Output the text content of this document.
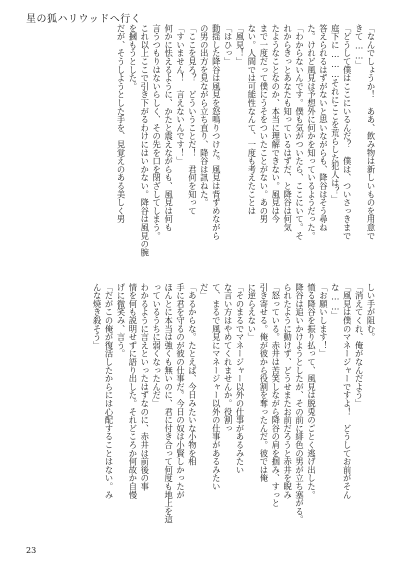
星の狐ハリウッドへ行く
「なんでしょうか！　ああ、飲み物は新しいものを用意で
きて……」
「どうして僕はここにいるんだ？　僕は、ついさっきまで
庭下に………それにここを荒らした犯人は？」
答えられるはずがないと思いながらも、降谷はそう尋ね
た。けれど風見は予想外に何かを知っているようだった。
「わからないんです。僕も気がついたら、ここにいて。そ
れからきっとあなたも知っているはずだ、と降谷は何気
たようなことなのか、本当に理解できない。風見は今
まで一度だって僕にうそをついたことがない。あの男
ない。人間では可能性なんて、一度も考えたことは
「風見！」
「はひっ」
動揺した降谷は風見を怒鳴りつけた。風見は背ずめながら
の男の出方を見ながら立ち直り、降谷は訊ねた。
「ここを見ろ？　どういうことだ！　君何を知って
「すいません！　言えないんです！」
何かに怯えるように、かたと震えながらも、風見は何も
言うつもりはないらしく、その先を口を閉ざしてしまう。
これ以上ここで引き下がるわけにはいかない。降谷は風見の腕
を摑もうとした。
だが、そうしようとした手を、見覚えのある美しく男
しい手が阻む。
「消えてくれ、俺がなんだよう」
「風見は僕のマネージャーですよ！　どうしてお前がそん
な……」
「お願いします！」
憤る降谷を振り払って、風見は脱兎のごとく逃げ出した。
降谷は追いかけようとしたが、その前に緋色の男が立ち塞がる。
られたように動けず、どうせまたお前だろうと赤井を睨み
「怒っている。赤井は苦笑しながら降谷の肩を掴み、すっと
引き寄せる。俺が彼から役割を奪ったんだ。彼では俺
に逆らえない」
「そのまるでマネージャー以外の仕事があるみたい
な言い方はやめてくれませんか。役割っ
て、まるで風見にマネージャー以外の仕事があるみたい
だ」
「あるからな。たとえば、今日みたいな小物を相
手に君を守るのが彼の仕事だ。今日の奴は小賢しかったが
ほんとに本当は強くも無いのに、君に付き合って何度も地上を這
っているうちに弱くなったんだ」
わかるように言えといったはずなのに、赤井は前後の事
情を何も説明せずに語り出した。それどころか何故か自慢
げに微笑み、言う。
「だがこの俺が復活したからには心配することはない。み
んな焼き殺そう」
23
